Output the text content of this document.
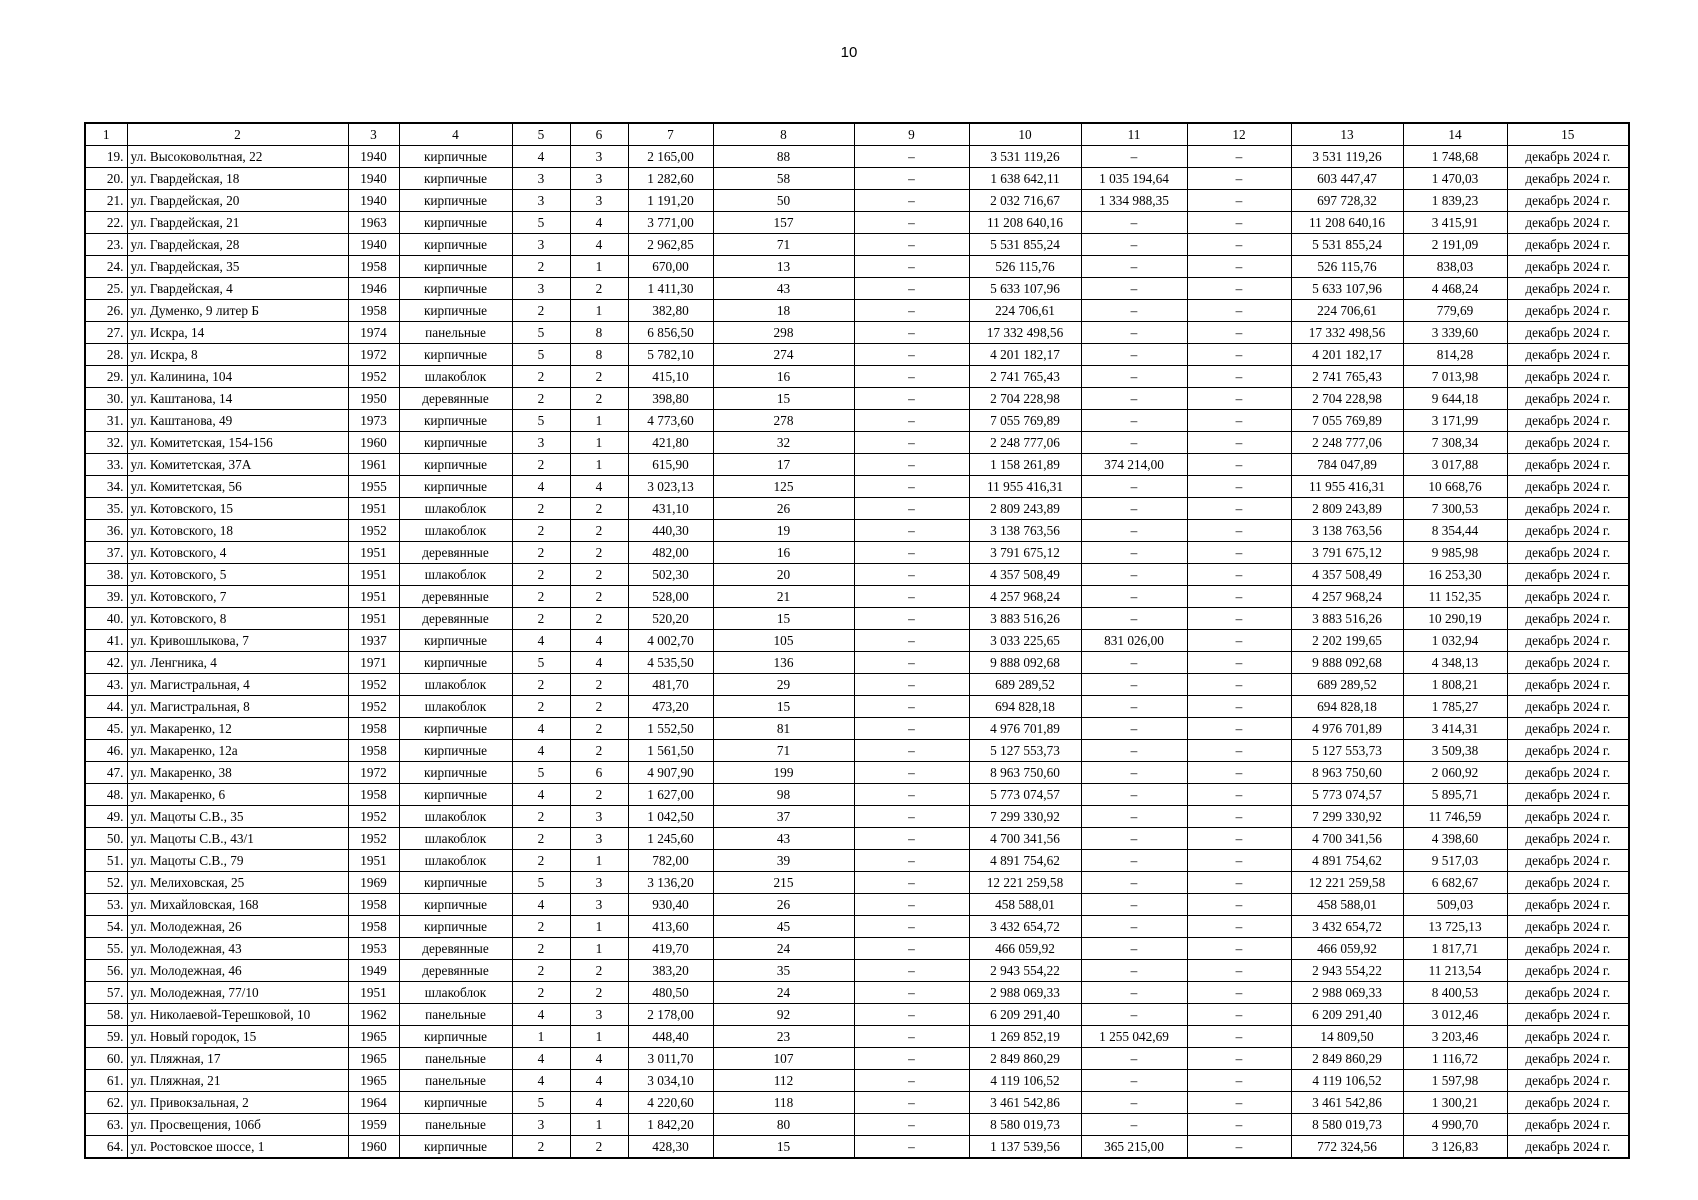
10
1	2	3	4	5	6	7	8	9	10	11	12	13	14	15
19.	ул. Высоковольтная, 22	1940	кирпичные	4	3	2 165,00	88	–	3 531 119,26	–	–	3 531 119,26	1 748,68	декабрь 2024 г.
20.	ул. Гвардейская, 18	1940	кирпичные	3	3	1 282,60	58	–	1 638 642,11	1 035 194,64	–	603 447,47	1 470,03	декабрь 2024 г.
21.	ул. Гвардейская, 20	1940	кирпичные	3	3	1 191,20	50	–	2 032 716,67	1 334 988,35	–	697 728,32	1 839,23	декабрь 2024 г.
22.	ул. Гвардейская, 21	1963	кирпичные	5	4	3 771,00	157	–	11 208 640,16	–	–	11 208 640,16	3 415,91	декабрь 2024 г.
23.	ул. Гвардейская, 28	1940	кирпичные	3	4	2 962,85	71	–	5 531 855,24	–	–	5 531 855,24	2 191,09	декабрь 2024 г.
24.	ул. Гвардейская, 35	1958	кирпичные	2	1	670,00	13	–	526 115,76	–	–	526 115,76	838,03	декабрь 2024 г.
25.	ул. Гвардейская, 4	1946	кирпичные	3	2	1 411,30	43	–	5 633 107,96	–	–	5 633 107,96	4 468,24	декабрь 2024 г.
26.	ул. Думенко, 9 литер Б	1958	кирпичные	2	1	382,80	18	–	224 706,61	–	–	224 706,61	779,69	декабрь 2024 г.
27.	ул. Искра, 14	1974	панельные	5	8	6 856,50	298	–	17 332 498,56	–	–	17 332 498,56	3 339,60	декабрь 2024 г.
28.	ул. Искра, 8	1972	кирпичные	5	8	5 782,10	274	–	4 201 182,17	–	–	4 201 182,17	814,28	декабрь 2024 г.
29.	ул. Калинина, 104	1952	шлакоблок	2	2	415,10	16	–	2 741 765,43	–	–	2 741 765,43	7 013,98	декабрь 2024 г.
30.	ул. Каштанова, 14	1950	деревянные	2	2	398,80	15	–	2 704 228,98	–	–	2 704 228,98	9 644,18	декабрь 2024 г.
31.	ул. Каштанова, 49	1973	кирпичные	5	1	4 773,60	278	–	7 055 769,89	–	–	7 055 769,89	3 171,99	декабрь 2024 г.
32.	ул. Комитетская, 154-156	1960	кирпичные	3	1	421,80	32	–	2 248 777,06	–	–	2 248 777,06	7 308,34	декабрь 2024 г.
33.	ул. Комитетская, 37А	1961	кирпичные	2	1	615,90	17	–	1 158 261,89	374 214,00	–	784 047,89	3 017,88	декабрь 2024 г.
34.	ул. Комитетская, 56	1955	кирпичные	4	4	3 023,13	125	–	11 955 416,31	–	–	11 955 416,31	10 668,76	декабрь 2024 г.
35.	ул. Котовского, 15	1951	шлакоблок	2	2	431,10	26	–	2 809 243,89	–	–	2 809 243,89	7 300,53	декабрь 2024 г.
36.	ул. Котовского, 18	1952	шлакоблок	2	2	440,30	19	–	3 138 763,56	–	–	3 138 763,56	8 354,44	декабрь 2024 г.
37.	ул. Котовского, 4	1951	деревянные	2	2	482,00	16	–	3 791 675,12	–	–	3 791 675,12	9 985,98	декабрь 2024 г.
38.	ул. Котовского, 5	1951	шлакоблок	2	2	502,30	20	–	4 357 508,49	–	–	4 357 508,49	16 253,30	декабрь 2024 г.
39.	ул. Котовского, 7	1951	деревянные	2	2	528,00	21	–	4 257 968,24	–	–	4 257 968,24	11 152,35	декабрь 2024 г.
40.	ул. Котовского, 8	1951	деревянные	2	2	520,20	15	–	3 883 516,26	–	–	3 883 516,26	10 290,19	декабрь 2024 г.
41.	ул. Кривошлыкова, 7	1937	кирпичные	4	4	4 002,70	105	–	3 033 225,65	831 026,00	–	2 202 199,65	1 032,94	декабрь 2024 г.
42.	ул. Ленгника, 4	1971	кирпичные	5	4	4 535,50	136	–	9 888 092,68	–	–	9 888 092,68	4 348,13	декабрь 2024 г.
43.	ул. Магистральная, 4	1952	шлакоблок	2	2	481,70	29	–	689 289,52	–	–	689 289,52	1 808,21	декабрь 2024 г.
44.	ул. Магистральная, 8	1952	шлакоблок	2	2	473,20	15	–	694 828,18	–	–	694 828,18	1 785,27	декабрь 2024 г.
45.	ул. Макаренко, 12	1958	кирпичные	4	2	1 552,50	81	–	4 976 701,89	–	–	4 976 701,89	3 414,31	декабрь 2024 г.
46.	ул. Макаренко, 12а	1958	кирпичные	4	2	1 561,50	71	–	5 127 553,73	–	–	5 127 553,73	3 509,38	декабрь 2024 г.
47.	ул. Макаренко, 38	1972	кирпичные	5	6	4 907,90	199	–	8 963 750,60	–	–	8 963 750,60	2 060,92	декабрь 2024 г.
48.	ул. Макаренко, 6	1958	кирпичные	4	2	1 627,00	98	–	5 773 074,57	–	–	5 773 074,57	5 895,71	декабрь 2024 г.
49.	ул. Мацоты С.В., 35	1952	шлакоблок	2	3	1 042,50	37	–	7 299 330,92	–	–	7 299 330,92	11 746,59	декабрь 2024 г.
50.	ул. Мацоты С.В., 43/1	1952	шлакоблок	2	3	1 245,60	43	–	4 700 341,56	–	–	4 700 341,56	4 398,60	декабрь 2024 г.
51.	ул. Мацоты С.В., 79	1951	шлакоблок	2	1	782,00	39	–	4 891 754,62	–	–	4 891 754,62	9 517,03	декабрь 2024 г.
52.	ул. Мелиховская, 25	1969	кирпичные	5	3	3 136,20	215	–	12 221 259,58	–	–	12 221 259,58	6 682,67	декабрь 2024 г.
53.	ул. Михайловская, 168	1958	кирпичные	4	3	930,40	26	–	458 588,01	–	–	458 588,01	509,03	декабрь 2024 г.
54.	ул. Молодежная, 26	1958	кирпичные	2	1	413,60	45	–	3 432 654,72	–	–	3 432 654,72	13 725,13	декабрь 2024 г.
55.	ул. Молодежная, 43	1953	деревянные	2	1	419,70	24	–	466 059,92	–	–	466 059,92	1 817,71	декабрь 2024 г.
56.	ул. Молодежная, 46	1949	деревянные	2	2	383,20	35	–	2 943 554,22	–	–	2 943 554,22	11 213,54	декабрь 2024 г.
57.	ул. Молодежная, 77/10	1951	шлакоблок	2	2	480,50	24	–	2 988 069,33	–	–	2 988 069,33	8 400,53	декабрь 2024 г.
58.	ул. Николаевой-Терешковой, 10	1962	панельные	4	3	2 178,00	92	–	6 209 291,40	–	–	6 209 291,40	3 012,46	декабрь 2024 г.
59.	ул. Новый городок, 15	1965	кирпичные	1	1	448,40	23	–	1 269 852,19	1 255 042,69	–	14 809,50	3 203,46	декабрь 2024 г.
60.	ул. Пляжная, 17	1965	панельные	4	4	3 011,70	107	–	2 849 860,29	–	–	2 849 860,29	1 116,72	декабрь 2024 г.
61.	ул. Пляжная, 21	1965	панельные	4	4	3 034,10	112	–	4 119 106,52	–	–	4 119 106,52	1 597,98	декабрь 2024 г.
62.	ул. Привокзальная, 2	1964	кирпичные	5	4	4 220,60	118	–	3 461 542,86	–	–	3 461 542,86	1 300,21	декабрь 2024 г.
63.	ул. Просвещения, 106б	1959	панельные	3	1	1 842,20	80	–	8 580 019,73	–	–	8 580 019,73	4 990,70	декабрь 2024 г.
64.	ул. Ростовское шоссе, 1	1960	кирпичные	2	2	428,30	15	–	1 137 539,56	365 215,00	–	772 324,56	3 126,83	декабрь 2024 г.
